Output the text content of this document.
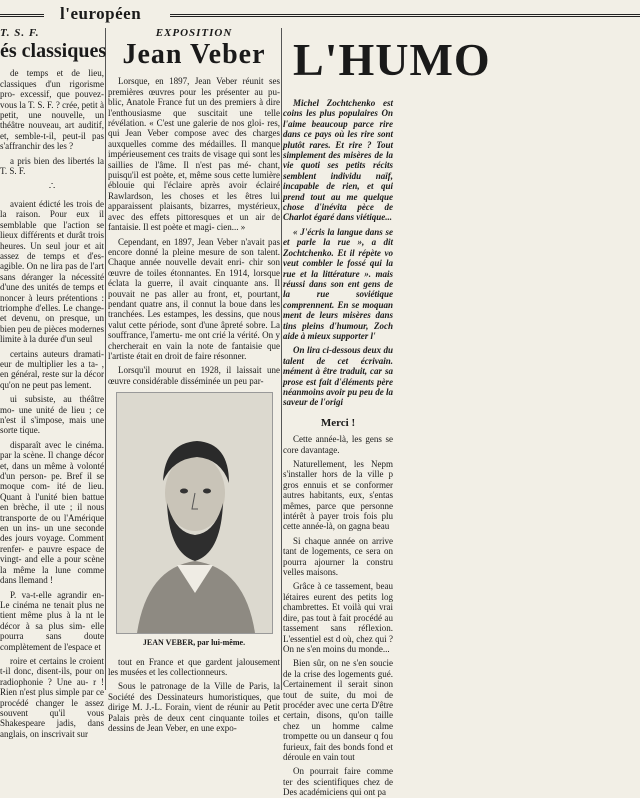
l'européen
T. S. F.
és classiques

de temps et de lieu, classiques d'un rigorisme pro- excessif, que pouvez-vous la T. S. F. ? crée, petit à petit, une nouvelle, un théâtre nouveau, art auditif, et, semble-t-il, peut-il pas s'affranchir des les ?

a pris bien des libertés la T. S. F.

∴

avaient édicté les trois de la raison. Pour eux il semblable que l'action se lieux différents et durât trois heures. Un seul jour et ait assez de temps et d'es- agible. On ne lira pas de l'art sans déranger la nécessité d'une des unités de temps et noncer à leurs prétentions : triomphe d'elles. Le change- et devenu, on presque, un bien peu de pièces modernes limite à la durée d'un seul

certains auteurs dramati- eur de multiplier les a ta- , en général, reste sur la décor qu'on ne peut pas lement.

ui subsiste, au théâtre mo- une unité de lieu ; ce n'est il s'impose, mais une sorte tique.

disparaît avec le cinéma. par la scène. Il change décor et, dans un même à volonté d'un person- pe. Bref il se moque com- ité de lieu. Quant à l'unité bien battue en brèche, il ute ; il nous transporte de ou l'Amérique en un ins- un une seconde des jours voyage. Comment renfer- e pauvre espace de vingt- and elle a pour scène la même la lune comme dans llemand !

P. va-t-elle agrandir en- Le cinéma ne tenait plus ne tient même plus à la nt le décor à sa plus sim- elle pourra sans doute complètement de l'espace et

roire et certains le croient t-il donc, disent-ils, pour on radiophonie ? Une au- r ! Rien n'est plus simple par ce procédé changer le assez souvent qu'il vous Shakespeare jadis, dans anglais, on inscrivait sur

EXPOSITION
Jean Veber

Lorsque, en 1897, Jean Veber réunit ses premières œuvres pour les présenter au pu- blic, Anatole France fut un des premiers à dire l'enthousiasme que suscitait une telle révélation. « C'est une galerie de nos gloi- res, qui Jean Veber compose avec des charges auxquelles comme des médailles. Il manque impérieusement ces traits de visage qui sont les saillies de l'âme. Il n'est pas mé- chant, puisqu'il est poète, et, même sous cette lumière éblouie qui l'éclaire après avoir éclairé Rawlardson, les choses et les êtres lui apparaissent plaisants, bizarres, mystérieux, avec des effets pittoresques et un air de fantaisie. Il est poète et magi- cien... »

Cependant, en 1897, Jean Veber n'avait pas encore donné la pleine mesure de son talent. Chaque année nouvelle devait enri- chir son œuvre de toiles étonnantes. En 1914, lorsque éclata la guerre, il avait cinquante ans. Il pouvait ne pas aller au front, et, pourtant, pendant quatre ans, il connut la boue dans les tranchées. Les estampes, les dessins, que nous valut cette période, sont d'une âpreté sobre. La souffrance, l'amertu- me ont crié la vérité. On y chercherait en vain la note de fantaisie que l'artiste était en droit de faire résonner.

Lorsqu'il mourut en 1928, il laissait une œuvre considérable disséminée un peu par-

JEAN VEBER, par lui-même.

tout en France et que gardent jalousement les musées et les collectionneurs.

Sous le patronage de la Ville de Paris, la Société des Dessinateurs humoristiques, que dirige M. J.-L. Forain, vient de réunir au Petit Palais près de deux cent cinquante toiles et dessins de Jean Veber, en une expo-

L'HUMO

Michel Zochtchenko est coins les plus populaires On l'aime beaucoup parce rire dans ce pays où les rire sont plutôt rares. Et rire ? Tout simplement des misères de la vie quoti ses petits récits semblent individu naïf, incapable de rien, et qui prend tout au me quelque chose d'inévita pèce de Charlot égaré dans viétique...

« J'écris la langue dans se et parle la rue », a dit Zochtchenko. Et il répète vo veut combler le fossé qui la rue et la littérature ». mais réussi dans son ent gens de la rue soviétique comprennent. En se moquan ment de leurs misères dans tins pleins d'humour, Zoch aide à mieux supporter l'

On lira ci-dessous deux du talent de cet écrivain. mément à être traduit, car sa prose est fait d'éléments père néanmoins avoir pu peu de la saveur de l'origi

Merci !

Cette année-là, les gens se core davantage.

Naturellement, les Nepm s'installer hors de la ville p gros ennuis et se conformer autres habitants, eux, s'entas mêmes, parce que personne intérêt à payer trois fois plu cette année-là, on gagna beau

Si chaque année on arrive tant de logements, ce sera on pourra ajourner la constru velles maisons.

Grâce à ce tassement, beau létaires eurent des petits log chambrettes. Et voilà qui vrai dire, pas tout à fait procédé au tassement sans réflexion. L'essentiel est d où, chez qui ? On ne s'en moins du monde...

Bien sûr, on ne s'en soucie de la crise des logements gué. Certainement il serait sinon tout de suite, du moi de procéder avec une certa D'être certain, disons, qu'on taille chez un homme calme trompette ou un danseur q fou furieux, fait des bonds fond et déroule en vain tout

On pourrait faire comme ter des scientifiques chez de Des académiciens qui ont pa
